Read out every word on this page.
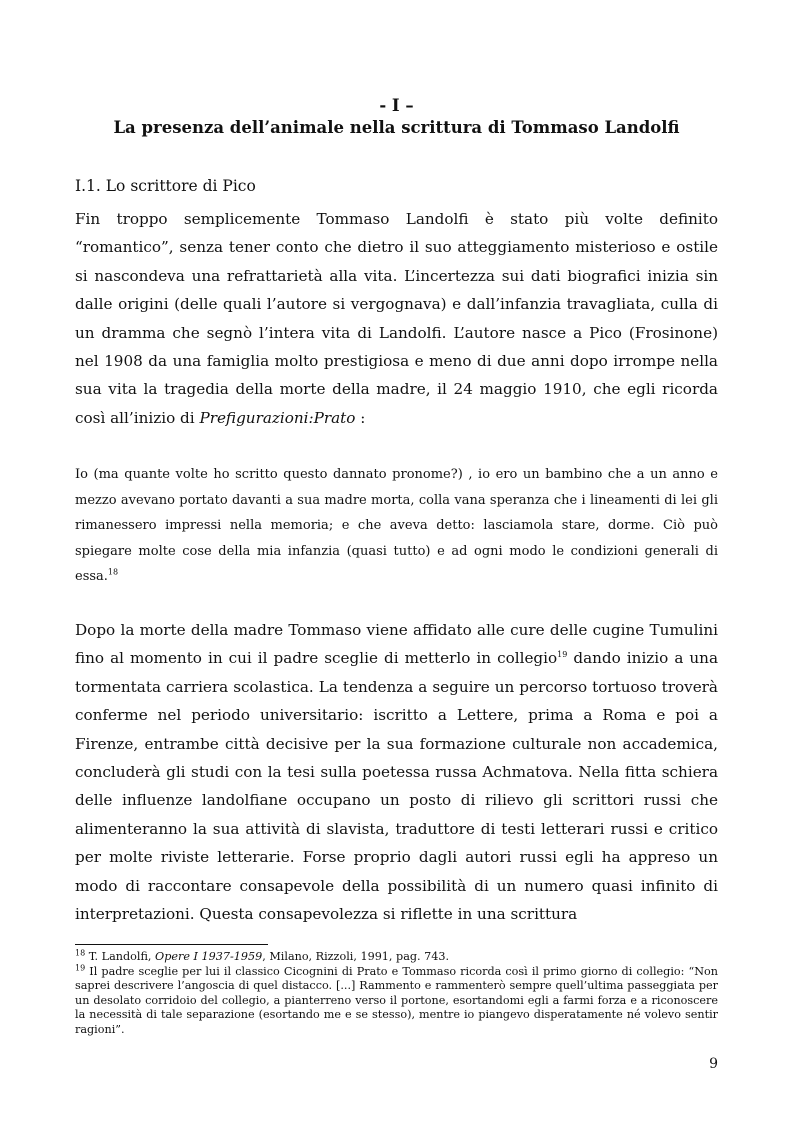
- I –
La presenza dell’animale nella scrittura di Tommaso Landolfi
I.1. Lo scrittore di Pico

Fin troppo semplicemente Tommaso Landolfi è stato più volte definito “romantico”, senza tener conto che dietro il suo atteggiamento misterioso e ostile si nascondeva una refrattarietà alla vita. L’incertezza sui dati biografici inizia sin dalle origini (delle quali l’autore si vergognava) e dall’infanzia travagliata, culla di un dramma che segnò l’intera vita di Landolfi. L’autore nasce a Pico (Frosinone) nel 1908 da una famiglia molto prestigiosa e meno di due anni dopo irrompe nella sua vita la tragedia della morte della madre, il 24 maggio 1910, che egli ricorda così all’inizio di Prefigurazioni:Prato :

Io (ma quante volte ho scritto questo dannato pronome?) , io ero un bambino che a un anno e mezzo avevano portato davanti a sua madre morta, colla vana speranza che i lineamenti di lei gli rimanessero impressi nella memoria; e che aveva detto: lasciamola stare, dorme. Ciò può spiegare molte cose della mia infanzia (quasi tutto) e ad ogni modo le condizioni generali di essa.$^{18}$

Dopo la morte della madre Tommaso viene affidato alle cure delle cugine Tumulini fino al momento in cui il padre sceglie di metterlo in collegio$^{19}$ dando inizio a una tormentata carriera scolastica. La tendenza a seguire un percorso tortuoso troverà conferme nel periodo universitario: iscritto a Lettere, prima a Roma e poi a Firenze, entrambe città decisive per la sua formazione culturale non accademica, concluderà gli studi con la tesi sulla poetessa russa Achmatova. Nella fitta schiera delle influenze landolfiane occupano un posto di rilievo gli scrittori russi che alimenteranno la sua attività di slavista, traduttore di testi letterari russi e critico per molte riviste letterarie. Forse proprio dagli autori russi egli ha appreso un modo di raccontare consapevole della possibilità di un numero quasi infinito di interpretazioni. Questa consapevolezza si riflette in una scrittura

$^{18}$ T. Landolfi, Opere I 1937-1959, Milano, Rizzoli, 1991, pag. 743.

$^{19}$ Il padre sceglie per lui il classico Cicognini di Prato e Tommaso ricorda così il primo giorno di collegio: “Non saprei descrivere l’angoscia di quel distacco. [...] Rammento e rammenterò sempre quell’ultima passeggiata per un desolato corridoio del collegio, a pianterreno verso il portone, esortandomi egli a farmi forza e a riconoscere la necessità di tale separazione (esortando me e se stesso), mentre io piangevo disperatamente né volevo sentir ragioni”.

9
